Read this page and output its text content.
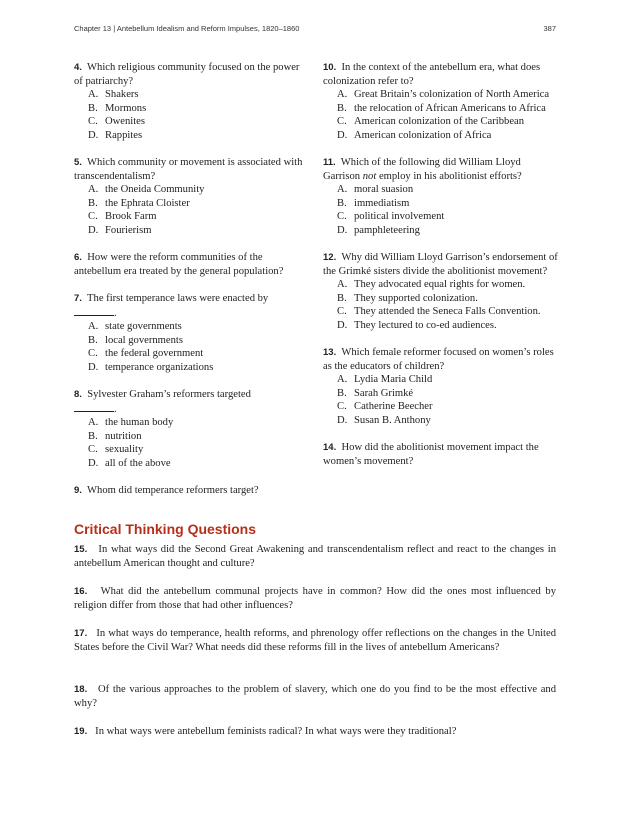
Chapter 13 | Antebellum Idealism and Reform Impulses, 1820–1860	387

4. Which religious community focused on the power of patriarchy?

A. Shakers

B. Mormons

C. Owenites

D. Rappites

5. Which community or movement is associated with transcendentalism?

A. the Oneida Community

B. the Ephrata Cloister

C. Brook Farm

D. Fourierism

6. How were the reform communities of the antebellum era treated by the general population?

7. The first temperance laws were enacted by
.

A. state governments

B. local governments

C. the federal government

D. temperance organizations

8. Sylvester Graham’s reformers targeted
.

A. the human body

B. nutrition

C. sexuality

D. all of the above

9. Whom did temperance reformers target?

10. In the context of the antebellum era, what does colonization refer to?

A. Great Britain’s colonization of North America

B. the relocation of African Americans to Africa

C. American colonization of the Caribbean

D. American colonization of Africa

11. Which of the following did William Lloyd Garrison not employ in his abolitionist efforts?

A. moral suasion

B. immediatism

C. political involvement

D. pamphleteering

12. Why did William Lloyd Garrison’s endorsement of the Grimké sisters divide the abolitionist movement?

A. They advocated equal rights for women.

B. They supported colonization.

C. They attended the Seneca Falls Convention.

D. They lectured to co-ed audiences.

13. Which female reformer focused on women’s roles as the educators of children?

A. Lydia Maria Child

B. Sarah Grimké

C. Catherine Beecher

D. Susan B. Anthony

14. How did the abolitionist movement impact the women’s movement?

Critical Thinking Questions

15. In what ways did the Second Great Awakening and transcendentalism reflect and react to the changes in antebellum American thought and culture?

16. What did the antebellum communal projects have in common? How did the ones most influenced by religion differ from those that had other influences?

17. In what ways do temperance, health reforms, and phrenology offer reflections on the changes in the United States before the Civil War? What needs did these reforms fill in the lives of antebellum Americans?

18. Of the various approaches to the problem of slavery, which one do you find to be the most effective and why?

19. In what ways were antebellum feminists radical? In what ways were they traditional?
